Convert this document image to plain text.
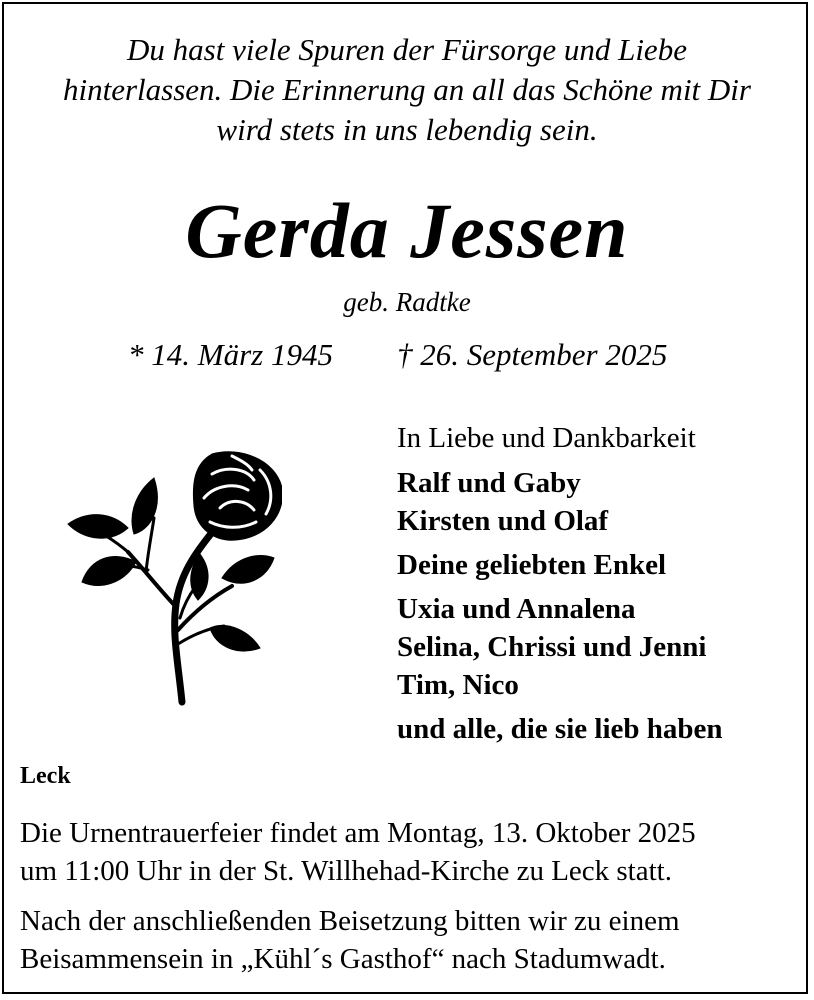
Du hast viele Spuren der Fürsorge und Liebe
hinterlassen. Die Erinnerung an all das Schöne mit Dir
wird stets in uns lebendig sein.
Gerda Jessen
geb. Radtke
* 14. März 1945 † 26. September 2025
In Liebe und Dankbarkeit
Ralf und Gaby
Kirsten und Olaf
Deine geliebten Enkel
Uxia und Annalena
Selina, Chrissi und Jenni
Tim, Nico
und alle, die sie lieb haben
Leck
Die Urnentrauerfeier findet am Montag, 13. Oktober 2025
um 11:00 Uhr in der St. Willhehad-Kirche zu Leck statt.
Nach der anschließenden Beisetzung bitten wir zu einem
Beisammensein in „Kühl´s Gasthof“ nach Stadumwadt.
